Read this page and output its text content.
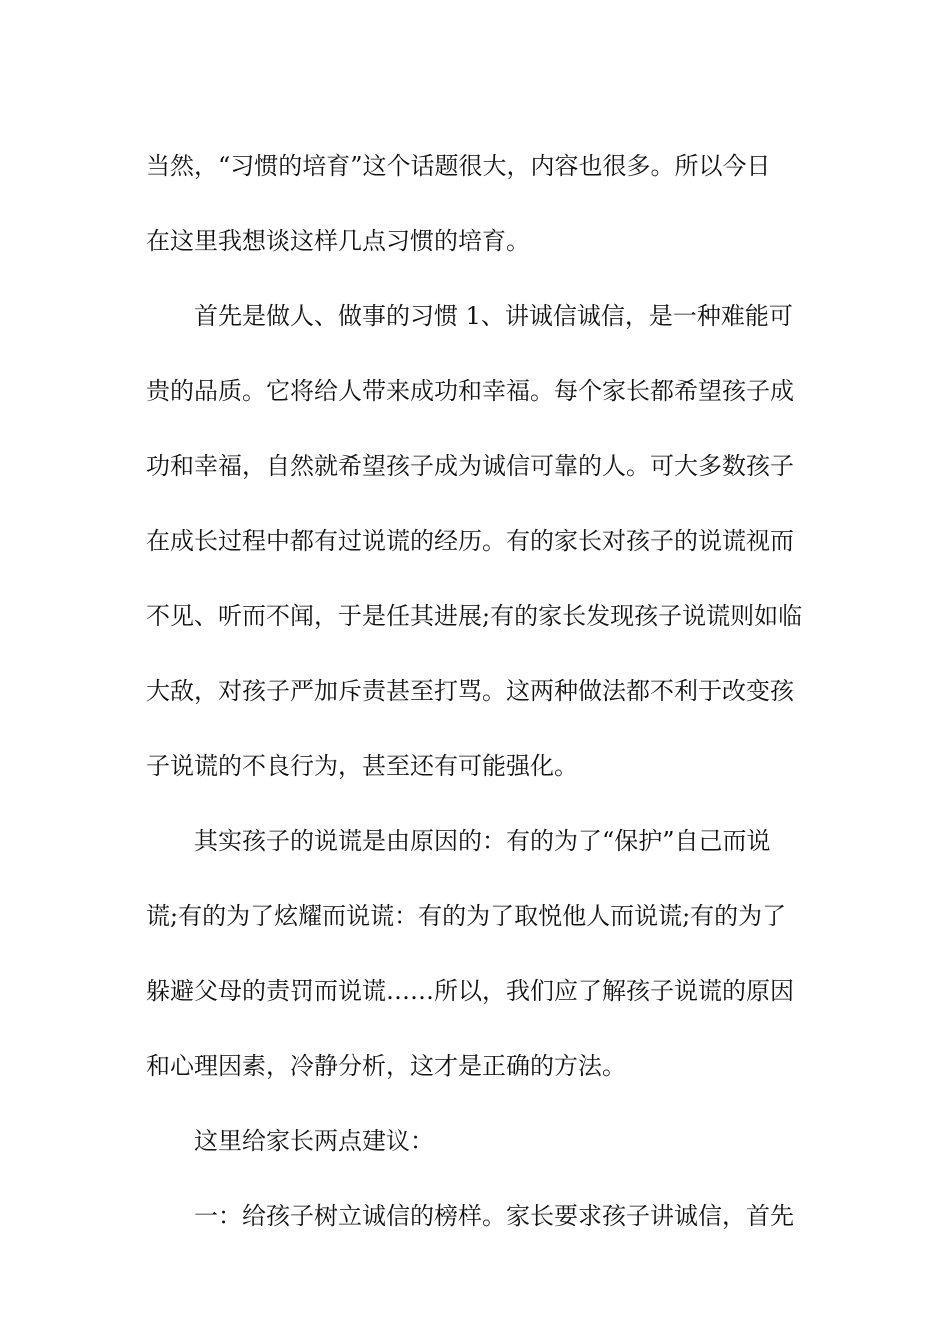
当然，“习惯的培育”这个话题很大，内容也很多。所以今日
在这里我想谈这样几点习惯的培育。
首先是做人、做事的习惯 1、讲诚信诚信，是一种难能可
贵的品质。它将给人带来成功和幸福。每个家长都希望孩子成
功和幸福，自然就希望孩子成为诚信可靠的人。可大多数孩子
在成长过程中都有过说谎的经历。有的家长对孩子的说谎视而
不见、听而不闻，于是任其进展;有的家长发现孩子说谎则如临
大敌，对孩子严加斥责甚至打骂。这两种做法都不利于改变孩
子说谎的不良行为，甚至还有可能强化。
其实孩子的说谎是由原因的：有的为了“保护”自己而说
谎;有的为了炫耀而说谎：有的为了取悦他人而说谎;有的为了
躲避父母的责罚而说谎……所以，我们应了解孩子说谎的原因
和心理因素，冷静分析，这才是正确的方法。
这里给家长两点建议：
一：给孩子树立诚信的榜样。家长要求孩子讲诚信，首先
